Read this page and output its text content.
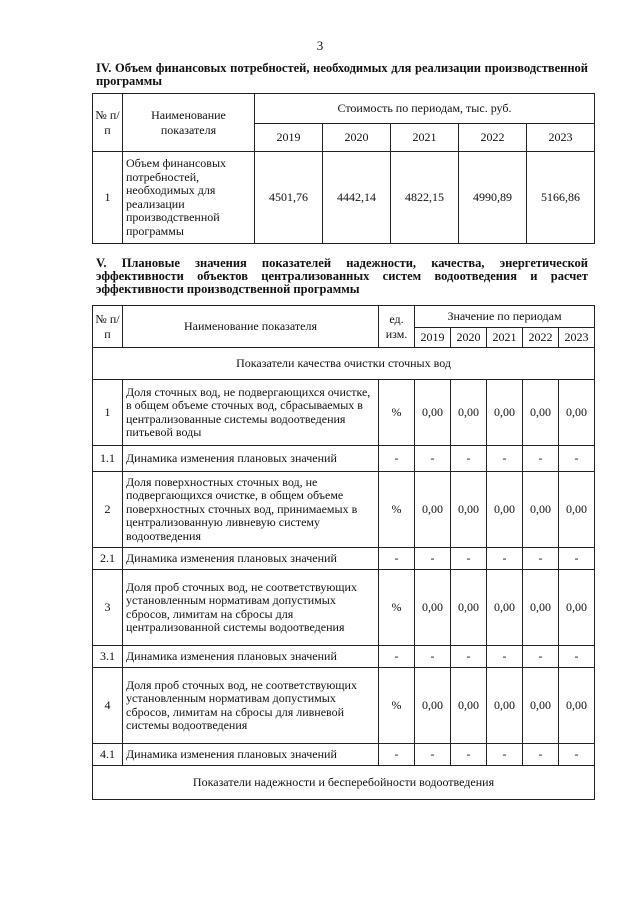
3
IV. Объем финансовых потребностей, необходимых для реализации производственной программы
№ п/п	Наименование показателя	Стоимость по периодам, тыс. руб.				
		2019	2020	2021	2022	2023
1	Объем финансовых потребностей, необходимых для реализации производственной программы	4501,76	4442,14	4822,15	4990,89	5166,86
V. Плановые значения показателей надежности, качества, энергетической эффективности объектов централизованных систем водоотведения и расчет эффективности производственной программы
№ п/п	Наименование показателя	ед. изм.	Значение по периодам				
			2019	2020	2021	2022	2023
Показатели качества очистки сточных вод							
1	Доля сточных вод, не подвергающихся очистке, в общем объеме сточных вод, сбрасываемых в централизованные системы водоотведения питьевой воды	%	0,00	0,00	0,00	0,00	0,00
1.1	Динамика изменения плановых значений	-	-	-	-	-	-
2	Доля поверхностных сточных вод, не подвергающихся очистке, в общем объеме поверхностных сточных вод, принимаемых в централизованную ливневую систему водоотведения	%	0,00	0,00	0,00	0,00	0,00
2.1	Динамика изменения плановых значений	-	-	-	-	-	-
3	Доля проб сточных вод, не соответствующих установленным нормативам допустимых сбросов, лимитам на сбросы для централизованной системы водоотведения	%	0,00	0,00	0,00	0,00	0,00
3.1	Динамика изменения плановых значений	-	-	-	-	-	-
4	Доля проб сточных вод, не соответствующих установленным нормативам допустимых сбросов, лимитам на сбросы для ливневой системы водоотведения	%	0,00	0,00	0,00	0,00	0,00
4.1	Динамика изменения плановых значений	-	-	-	-	-	-
Показатели надежности и бесперебойности водоотведения							
